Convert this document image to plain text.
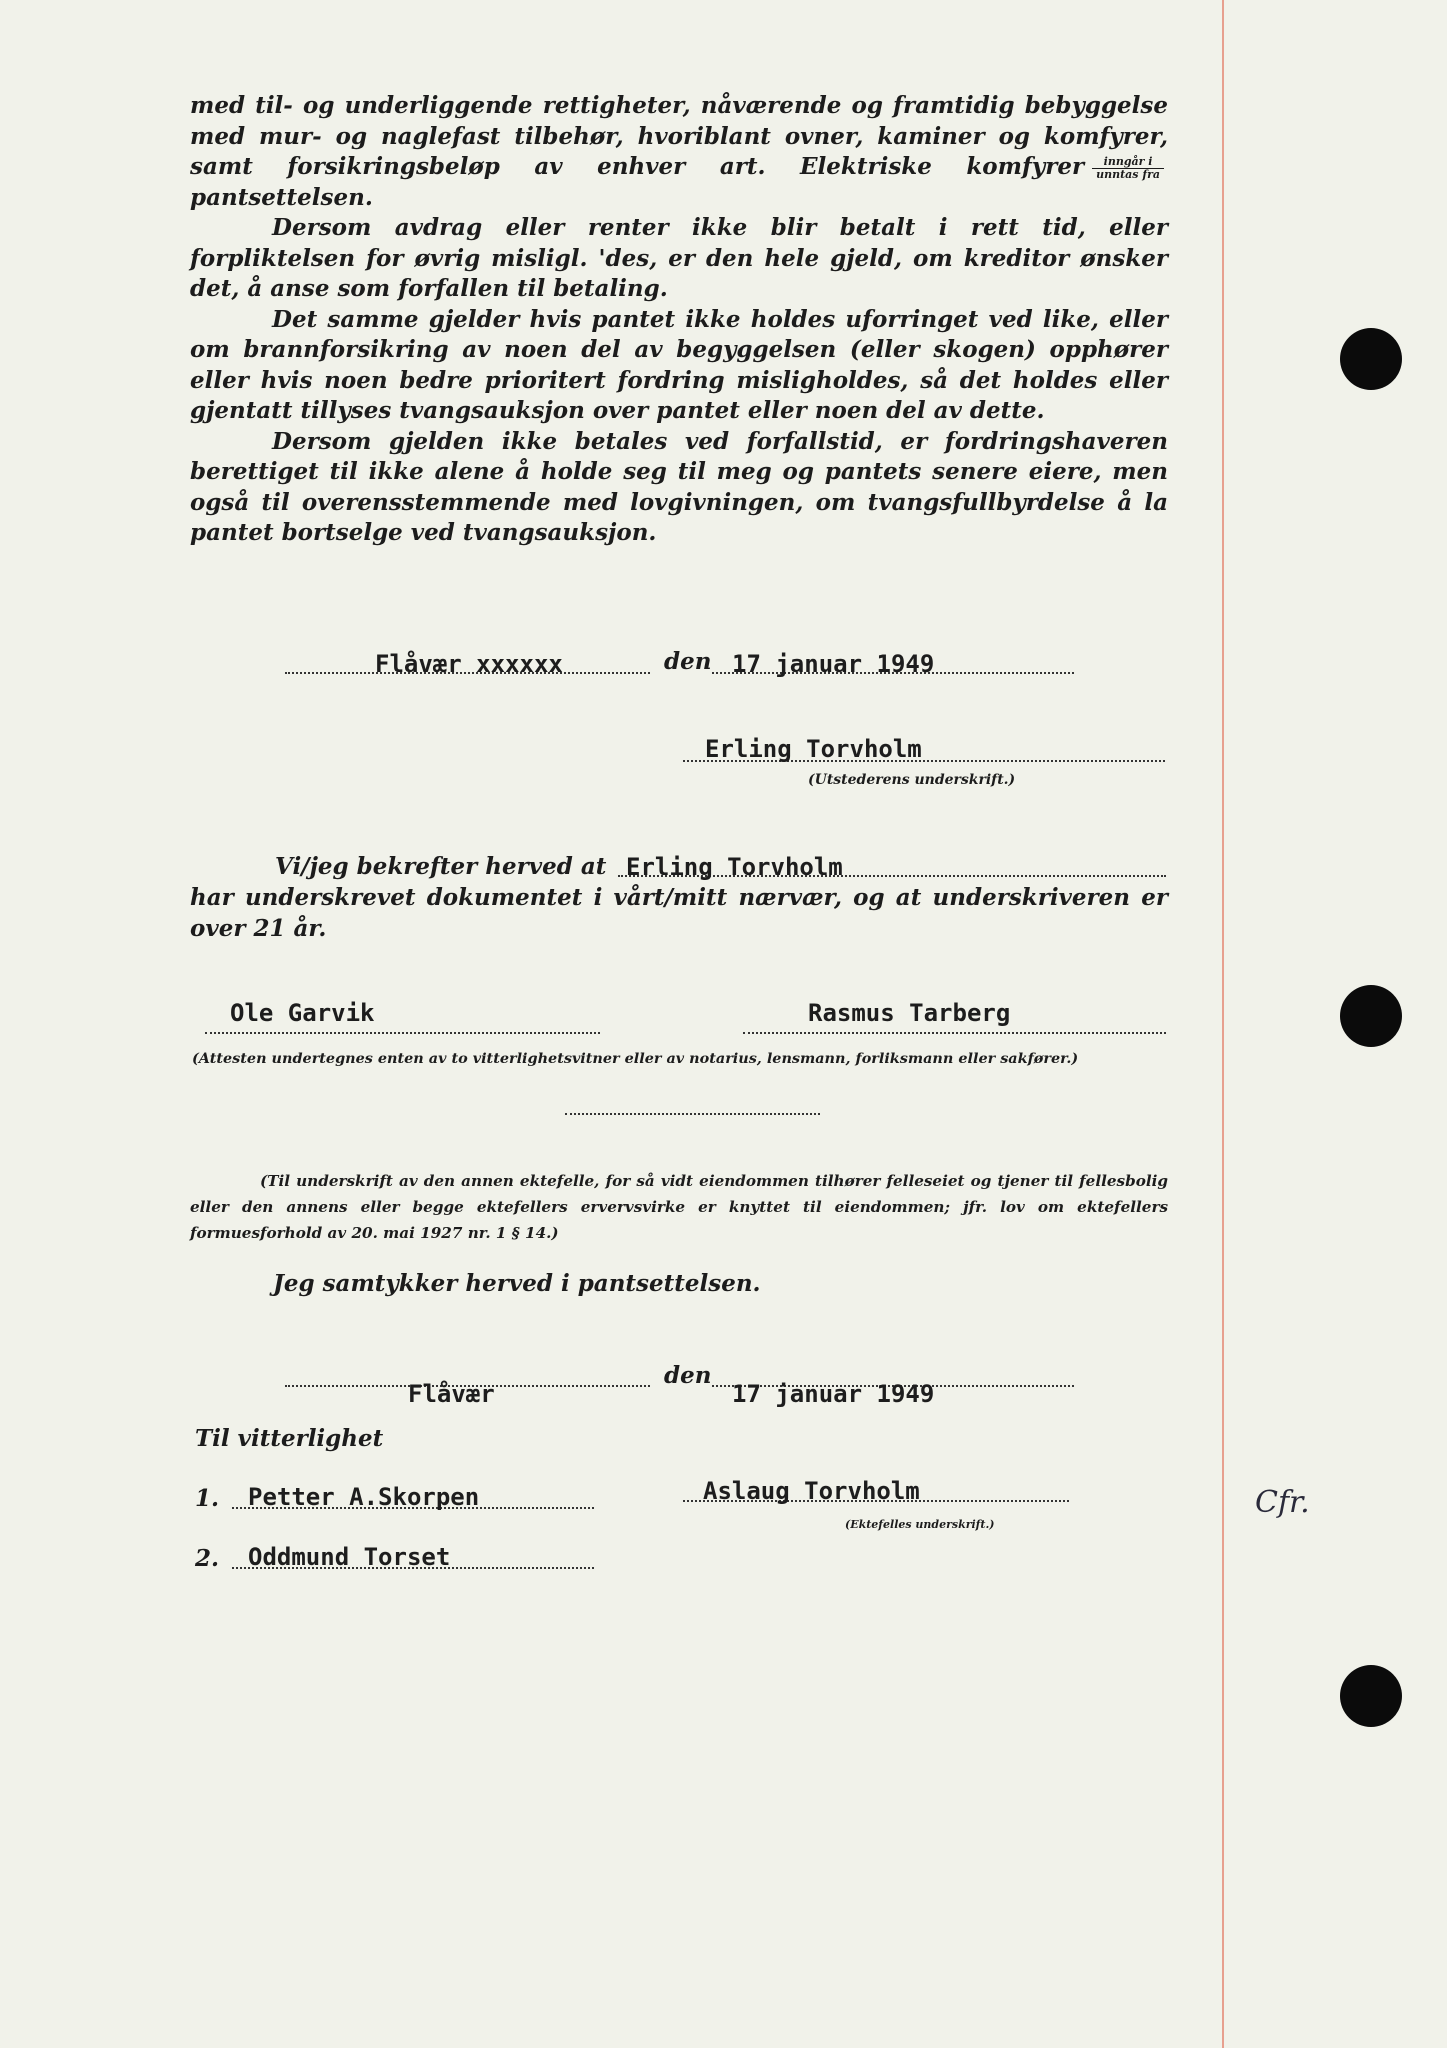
med til- og underliggende rettigheter, nåværende og framtidig bebyggelse med mur- og naglefast tilbehør, hvoriblant ovner, kaminer og komfyrer, samt forsikringsbeløp av enhver art. Elektriske komfyrer $\frac{\text{inngår i}}{\text{unntas fra}}$
pantsettelsen.

Dersom avdrag eller renter ikke blir betalt i rett tid, eller forpliktelsen for øvrig misligl. 'des, er den hele gjeld, om kreditor ønsker det, å anse som forfallen til betaling.

Det samme gjelder hvis pantet ikke holdes uforringet ved like, eller om brannforsikring av noen del av begyggelsen (eller skogen) opphører eller hvis noen bedre prioritert fordring misligholdes, så det holdes eller gjentatt tillyses tvangsauksjon over pantet eller noen del av dette.

Dersom gjelden ikke betales ved forfallstid, er fordringshaveren berettiget til ikke alene å holde seg til meg og pantets senere eiere, men også til overensstemmende med lovgivningen, om tvangsfullbyrdelse å la pantet bortselge ved tvangsauksjon.

Flåvær xxxxxx	den 17 januar 1949
Erling Torvholm
(Utstederens underskrift.)
Vi/jeg bekrefter herved at Erling Torvholm

har underskrevet dokumentet i vårt/mitt nærvær, og at underskriveren er over 21 år.

Ole Garvik	Rasmus Tarberg
(Attesten undertegnes enten av to vitterlighetsvitner eller av notarius, lensmann, forliksmann eller sakfører.)

(Til underskrift av den annen ektefelle, for så vidt eiendommen tilhører felleseiet og tjener til fellesbolig eller den annens eller begge ektefellers ervervsvirke er knyttet til eiendommen; jfr. lov om ektefellers formuesforhold av 20. mai 1927 nr. 1 § 14.)

Jeg samtykker herved i pantsettelsen.
Flåvær
den
17 januar 1949
Til vitterlighet
1. Petter A.Skorpen
2. Oddmund Torset
Aslaug Torvholm
(Ektefelles underskrift.)
Cfr.
